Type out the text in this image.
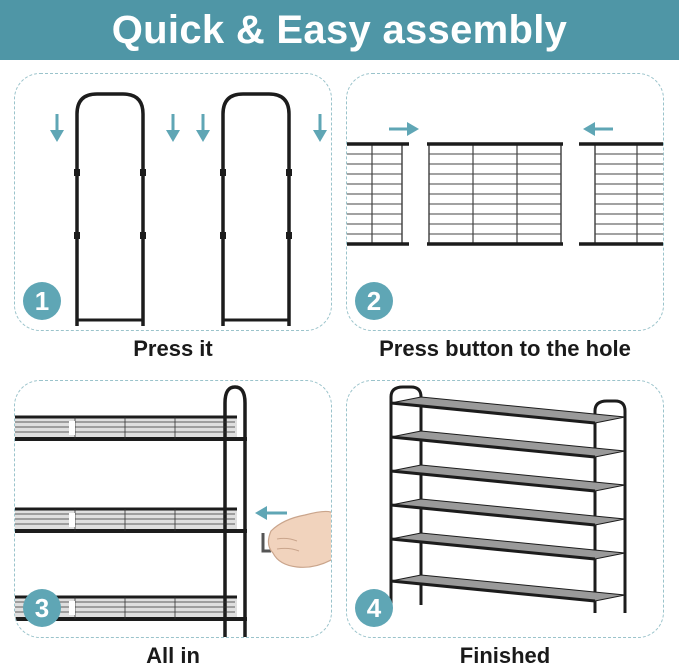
Quick & Easy assembly
1
Press it
2
Press button to the hole
3
All in
4
Finished
